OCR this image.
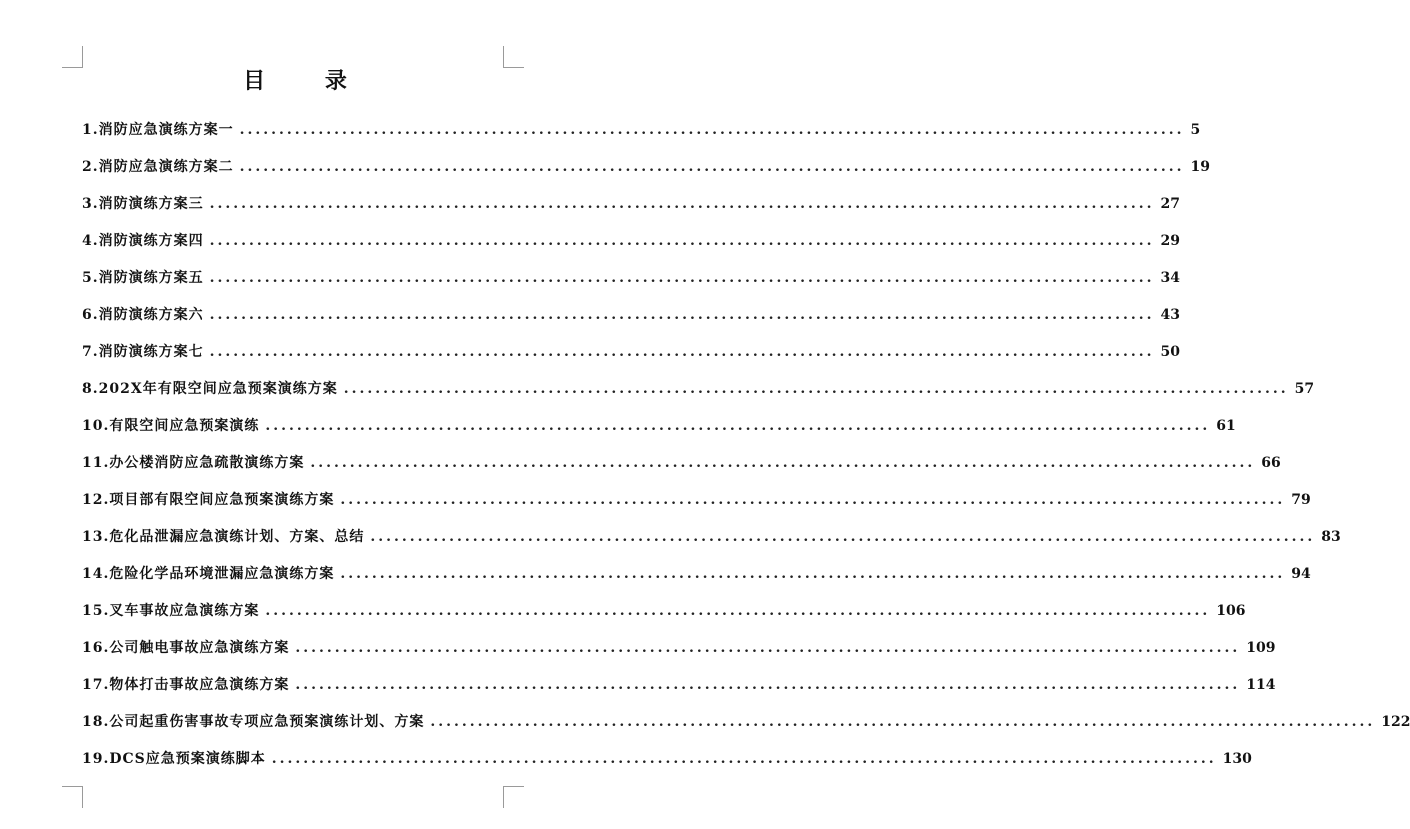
目 录
1.消防应急演练方案一 ........................................................................................................................ 5
2.消防应急演练方案二 ........................................................................................................................ 19
3.消防演练方案三 ........................................................................................................................ 27
4.消防演练方案四 ........................................................................................................................ 29
5.消防演练方案五 ........................................................................................................................ 34
6.消防演练方案六 ........................................................................................................................ 43
7.消防演练方案七 ........................................................................................................................ 50
8.202X年有限空间应急预案演练方案 ........................................................................................................................ 57
10.有限空间应急预案演练 ........................................................................................................................ 61
11.办公楼消防应急疏散演练方案 ........................................................................................................................ 66
12.项目部有限空间应急预案演练方案 ........................................................................................................................ 79
13.危化品泄漏应急演练计划、方案、总结 ........................................................................................................................ 83
14.危险化学品环境泄漏应急演练方案 ........................................................................................................................ 94
15.叉车事故应急演练方案 ........................................................................................................................ 106
16.公司触电事故应急演练方案 ........................................................................................................................ 109
17.物体打击事故应急演练方案 ........................................................................................................................ 114
18.公司起重伤害事故专项应急预案演练计划、方案 ........................................................................................................................ 122
19.DCS应急预案演练脚本 ........................................................................................................................ 130
